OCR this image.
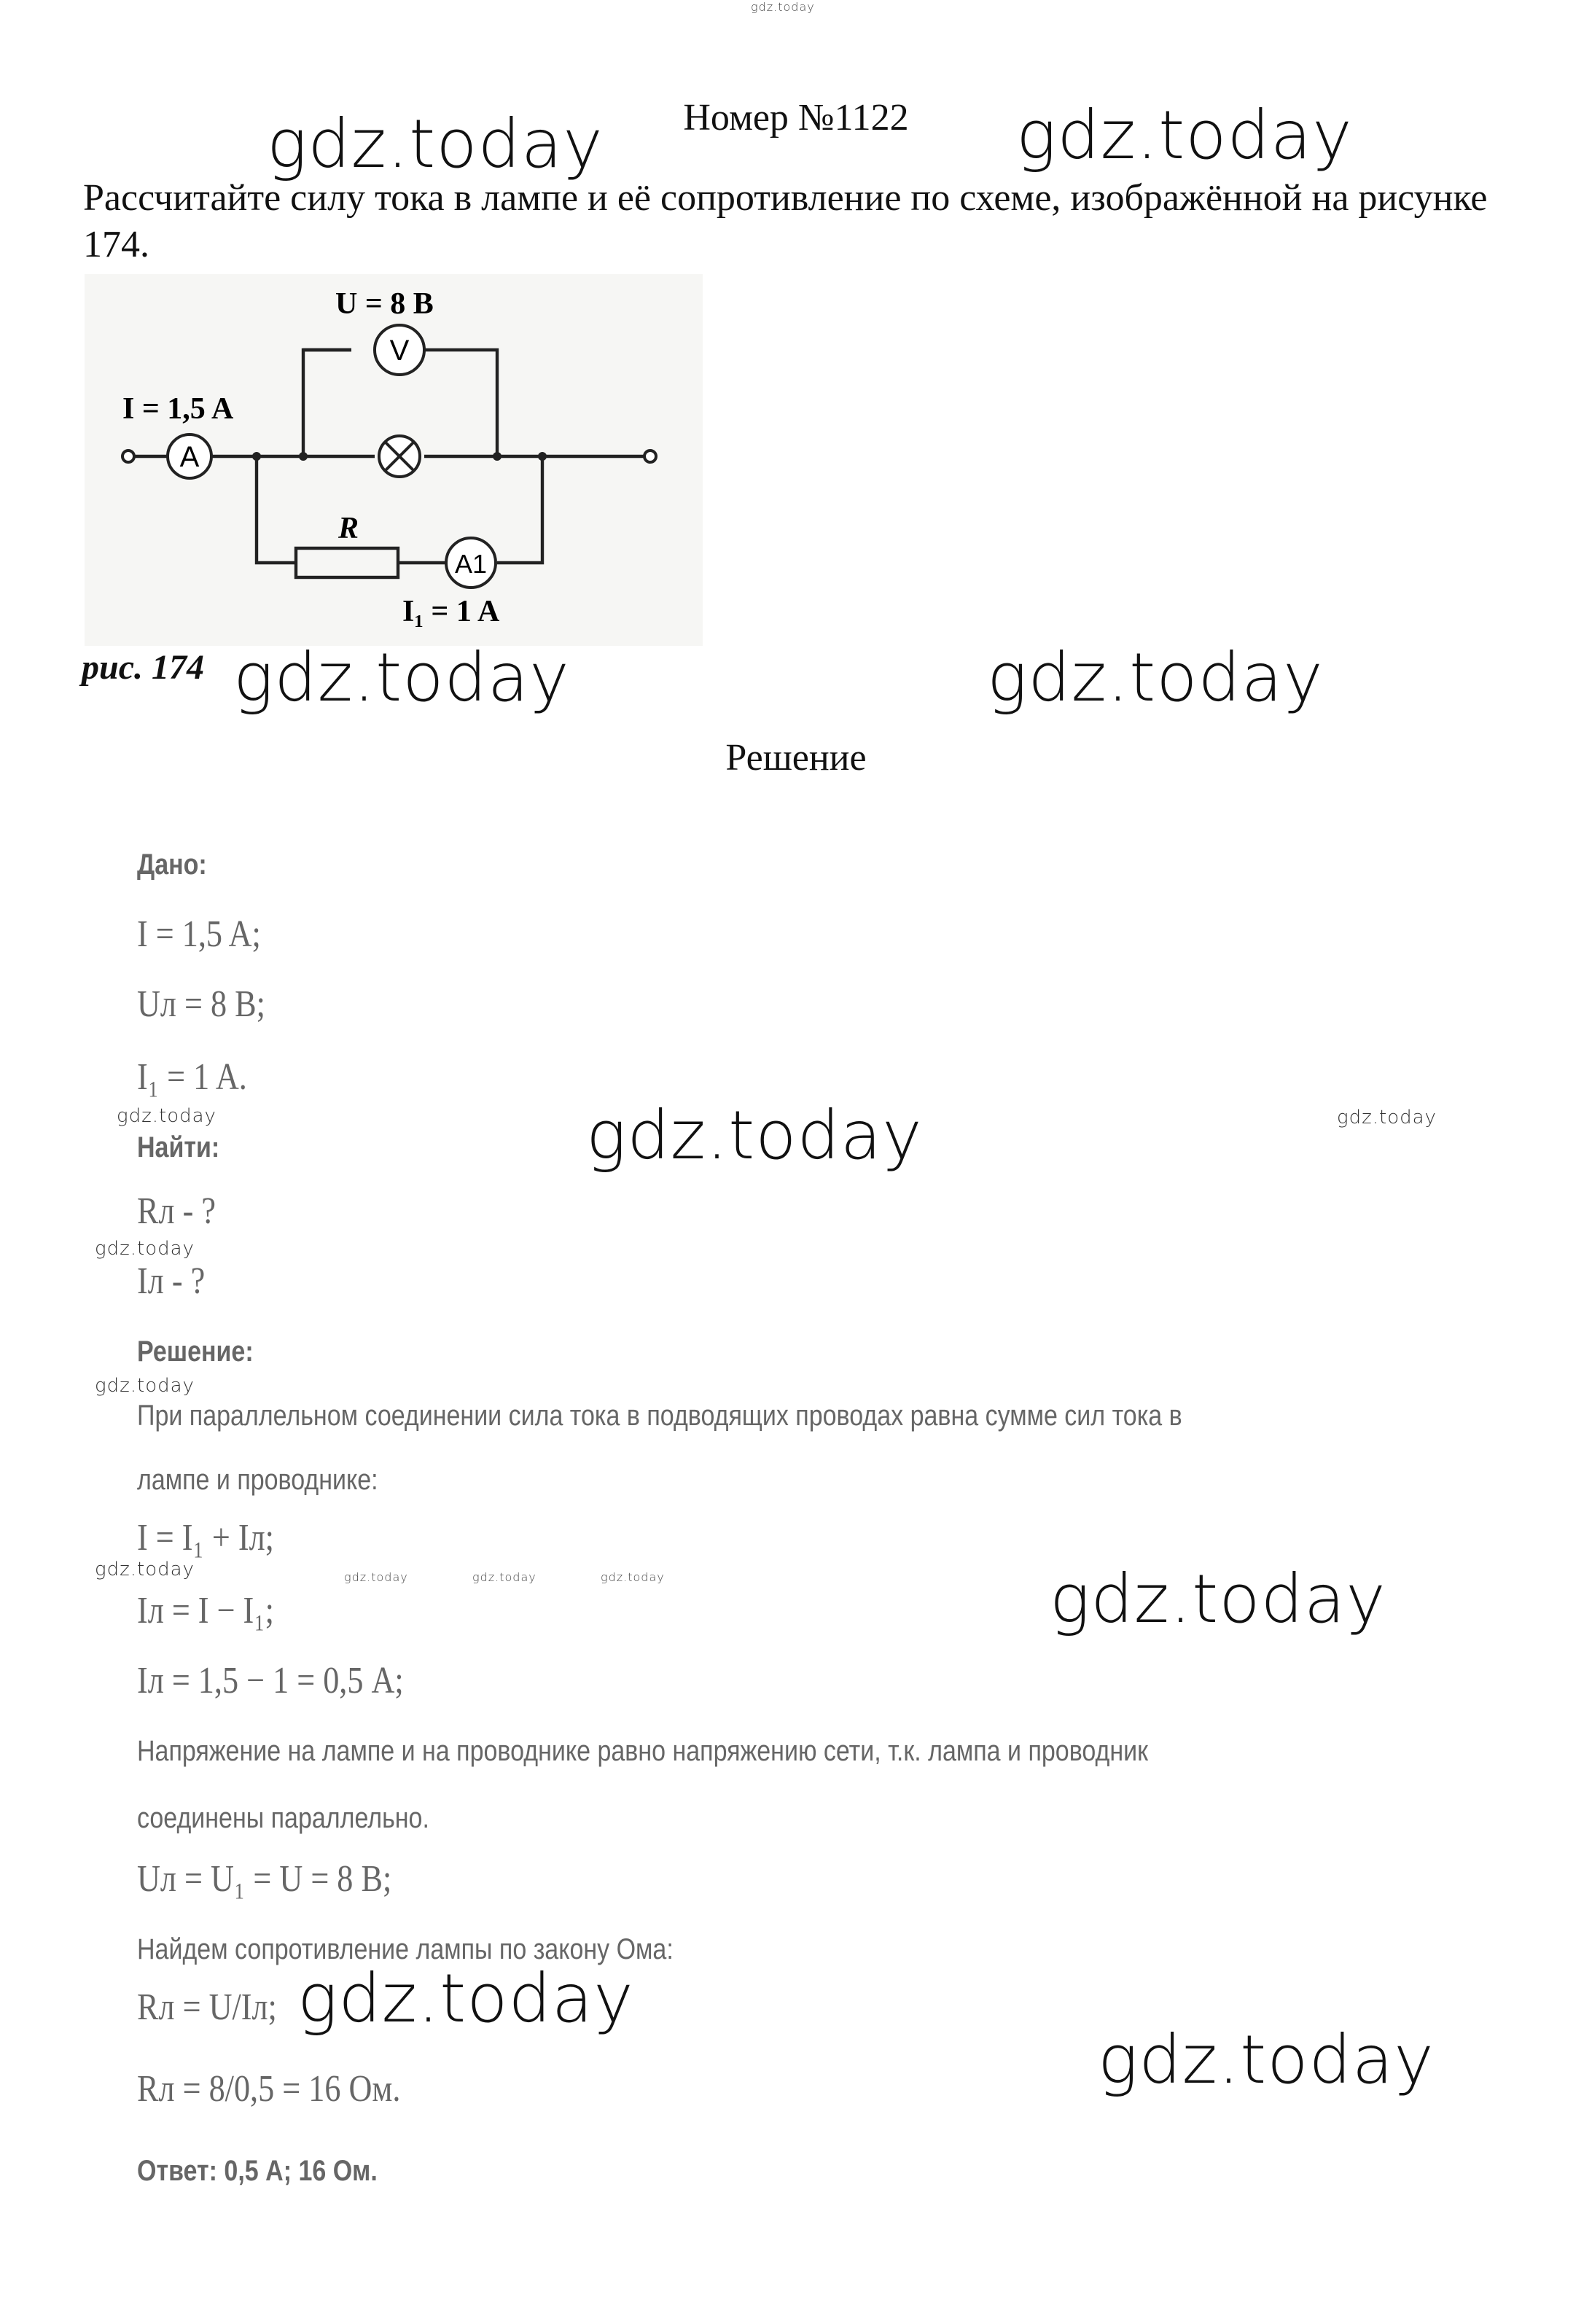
gdz.today
Номер №1122
gdz.today	gdz.today
Рассчитайте силу тока в лампе и её сопротивление по схеме, изображённой на рисунке 174.
A
V
A1
U = 8 В
I = 1,5 A
R
I₁ = 1 A
рис. 174 gdz.today	gdz.today
Решение
Дано:
I = 1,5 A;
Uл = 8 B;
I₁ = 1 A.
gdz.today	gdz.today
Найти:	gdz.today
Rл - ?
gdz.today
Iл - ?
Решение:
gdz.today
При параллельном соединении сила тока в подводящих проводах равна сумме сил тока в
лампе и проводнике:
I = I₁ + Iл;
gdz.today	gdz.today	gdz.today	gdz.today	gdz.today
Iл = I − I₁;
Iл = 1,5 − 1 = 0,5 A;
Напряжение на лампе и на проводнике равно напряжению сети, т.к. лампа и проводник
соединены параллельно.
Uл = U₁ = U = 8 B;
Найдем сопротивление лампы по закону Ома:
Rл = U/Iл; gdz.today
Rл = 8/0,5 = 16 Ом.	gdz.today
Ответ: 0,5 A; 16 Ом.
